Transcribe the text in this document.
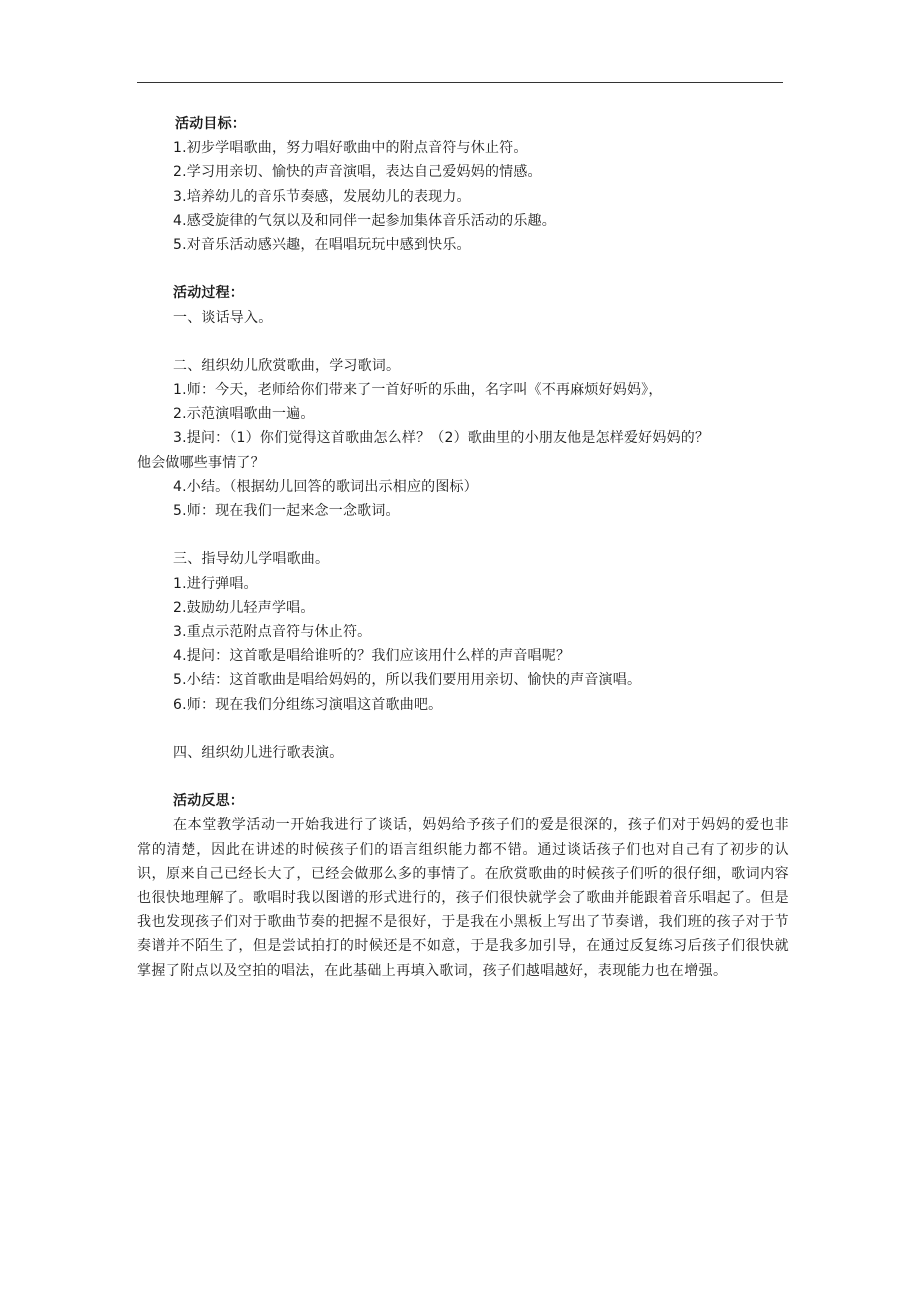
活动目标：
1.初步学唱歌曲，努力唱好歌曲中的附点音符与休止符。
2.学习用亲切、愉快的声音演唱，表达自己爱妈妈的情感。
3.培养幼儿的音乐节奏感，发展幼儿的表现力。
4.感受旋律的气氛以及和同伴一起参加集体音乐活动的乐趣。
5.对音乐活动感兴趣，在唱唱玩玩中感到快乐。
活动过程：
一、谈话导入。
二、组织幼儿欣赏歌曲，学习歌词。
1.师：今天，老师给你们带来了一首好听的乐曲，名字叫《不再麻烦好妈妈》，
2.示范演唱歌曲一遍。
3.提问：（1）你们觉得这首歌曲怎么样？（2）歌曲里的小朋友他是怎样爱好妈妈的？
他会做哪些事情了？
4.小结。（根据幼儿回答的歌词出示相应的图标）
5.师：现在我们一起来念一念歌词。
三、指导幼儿学唱歌曲。
1.进行弹唱。
2.鼓励幼儿轻声学唱。
3.重点示范附点音符与休止符。
4.提问：这首歌是唱给谁听的？我们应该用什么样的声音唱呢？
5.小结：这首歌曲是唱给妈妈的，所以我们要用用亲切、愉快的声音演唱。
6.师：现在我们分组练习演唱这首歌曲吧。
四、组织幼儿进行歌表演。
活动反思：

在本堂教学活动一开始我进行了谈话，妈妈给予孩子们的爱是很深的，孩子们对于妈妈的爱也非常的清楚，因此在讲述的时候孩子们的语言组织能力都不错。通过谈话孩子们也对自己有了初步的认识，原来自己已经长大了，已经会做那么多的事情了。在欣赏歌曲的时候孩子们听的很仔细，歌词内容也很快地理解了。歌唱时我以图谱的形式进行的，孩子们很快就学会了歌曲并能跟着音乐唱起了。但是我也发现孩子们对于歌曲节奏的把握不是很好，于是我在小黑板上写出了节奏谱，我们班的孩子对于节奏谱并不陌生了，但是尝试拍打的时候还是不如意，于是我多加引导，在通过反复练习后孩子们很快就掌握了附点以及空拍的唱法，在此基础上再填入歌词，孩子们越唱越好，表现能力也在增强。
